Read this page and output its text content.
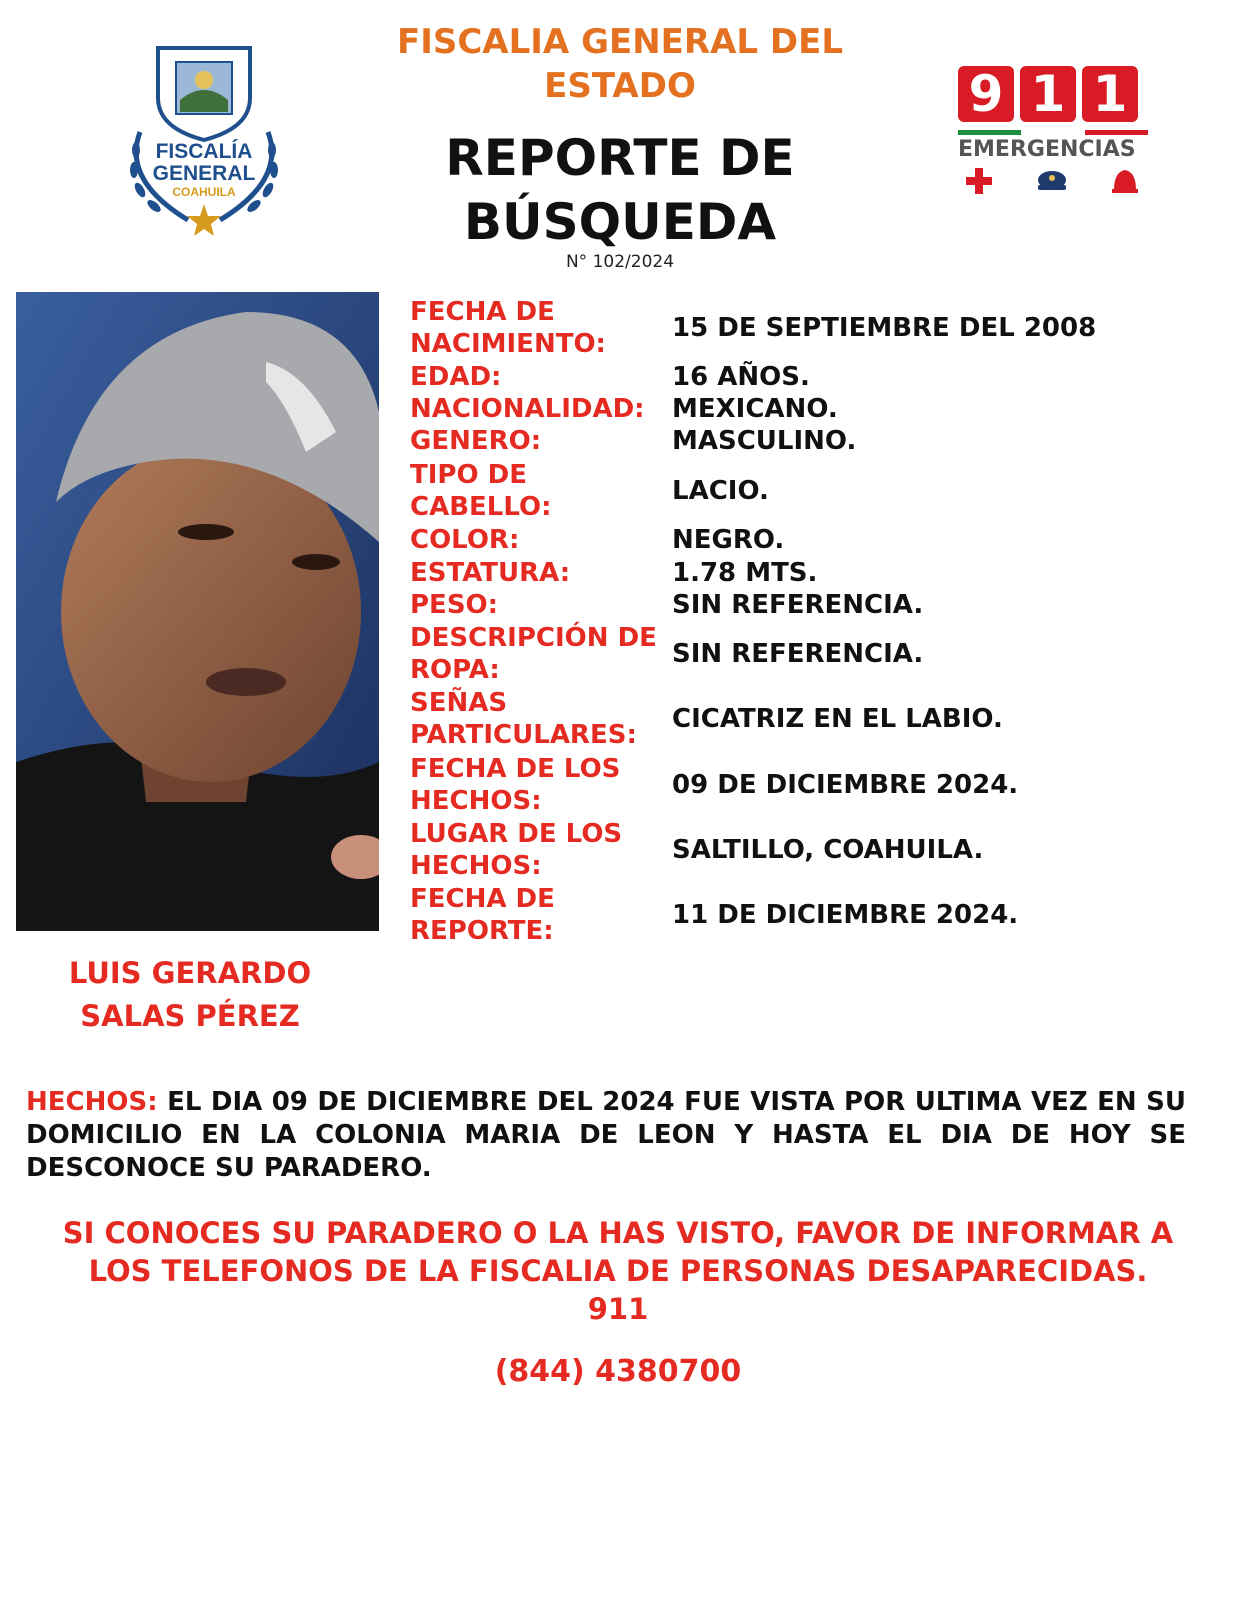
FISCALÍA
GENERAL
COAHUILA
FISCALIA GENERAL DEL
ESTADO
REPORTE DE
BÚSQUEDA
N° 102/2024
9 1 1
EMERGENCIAS
LUIS GERARDO
SALAS PÉREZ
FECHA DE
NACIMIENTO:
15 DE SEPTIEMBRE DEL 2008
EDAD:	16 AÑOS.
NACIONALIDAD:	MEXICANO.
GENERO:	MASCULINO.
TIPO DE
CABELLO:
LACIO.
COLOR:	NEGRO.
ESTATURA:	1.78 MTS.
PESO:	SIN REFERENCIA.
DESCRIPCIÓN DE
ROPA:
SIN REFERENCIA.
SEÑAS
PARTICULARES:
CICATRIZ EN EL LABIO.
FECHA DE LOS
HECHOS:
09 DE DICIEMBRE 2024.
LUGAR DE LOS
HECHOS:
SALTILLO, COAHUILA.
FECHA DE
REPORTE:
11 DE DICIEMBRE 2024.
HECHOS: EL DIA 09 DE DICIEMBRE DEL 2024 FUE VISTA POR ULTIMA VEZ EN SU DOMICILIO EN LA COLONIA MARIA DE LEON Y HASTA EL DIA DE HOY SE DESCONOCE SU PARADERO.
SI CONOCES SU PARADERO O LA HAS VISTO, FAVOR DE INFORMAR A
LOS TELEFONOS DE LA FISCALIA DE PERSONAS DESAPARECIDAS.
911
(844) 4380700
